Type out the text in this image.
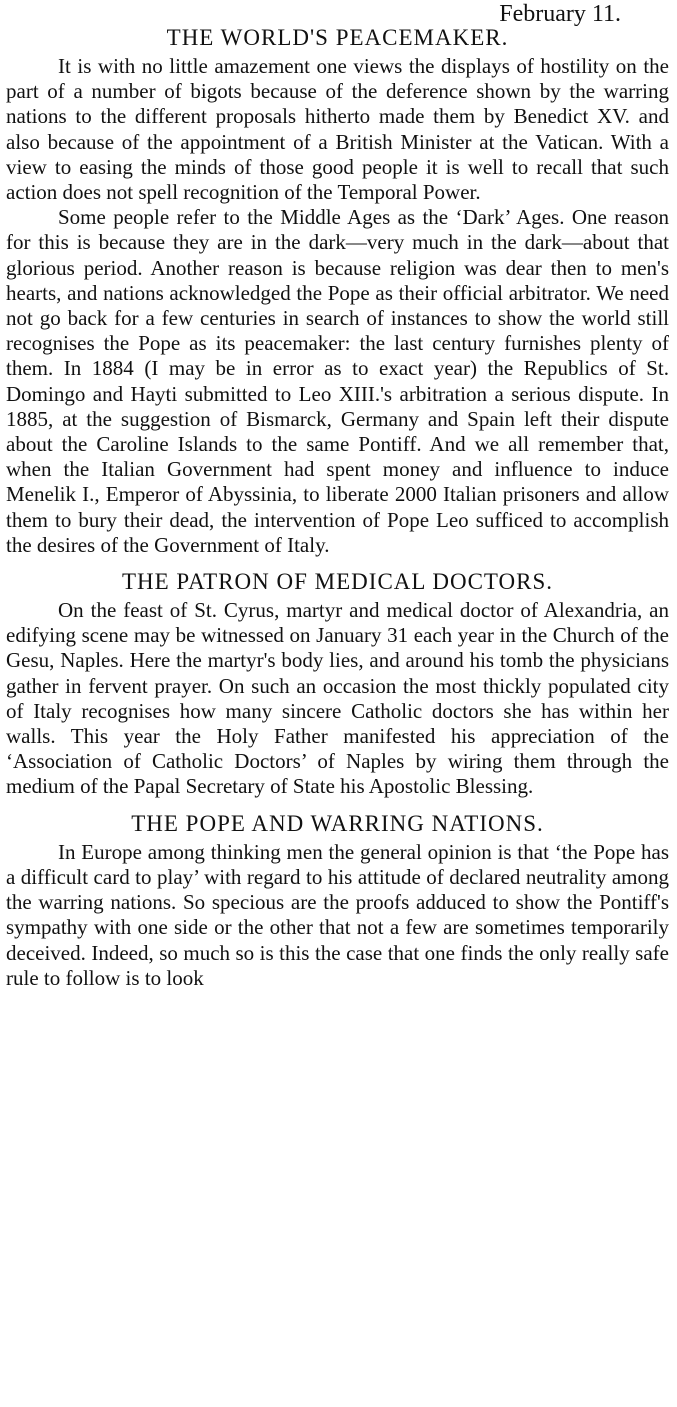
February 11.
THE WORLD'S PEACEMAKER.

It is with no little amazement one views the displays of hostility on the part of a number of bigots because of the deference shown by the warring nations to the different proposals hitherto made them by Benedict XV. and also because of the appointment of a British Minister at the Vatican. With a view to easing the minds of those good people it is well to recall that such action does not spell recognition of the Temporal Power.

Some people refer to the Middle Ages as the ‘Dark’ Ages. One reason for this is because they are in the dark—very much in the dark—about that glorious period. Another reason is because religion was dear then to men's hearts, and nations acknowledged the Pope as their official arbitrator. We need not go back for a few centuries in search of instances to show the world still recognises the Pope as its peacemaker: the last century furnishes plenty of them. In 1884 (I may be in error as to exact year) the Republics of St. Domingo and Hayti submitted to Leo XIII.'s arbitration a serious dispute. In 1885, at the suggestion of Bismarck, Germany and Spain left their dispute about the Caroline Islands to the same Pontiff. And we all remember that, when the Italian Government had spent money and influence to induce Menelik I., Emperor of Abyssinia, to liberate 2000 Italian prisoners and allow them to bury their dead, the intervention of Pope Leo sufficed to accomplish the desires of the Government of Italy.

THE PATRON OF MEDICAL DOCTORS.

On the feast of St. Cyrus, martyr and medical doctor of Alexandria, an edifying scene may be witnessed on January 31 each year in the Church of the Gesu, Naples. Here the martyr's body lies, and around his tomb the physicians gather in fervent prayer. On such an occasion the most thickly populated city of Italy recognises how many sincere Catholic doctors she has within her walls. This year the Holy Father manifested his appreciation of the ‘Association of Catholic Doctors’ of Naples by wiring them through the medium of the Papal Secretary of State his Apostolic Blessing.

THE POPE AND WARRING NATIONS.

In Europe among thinking men the general opinion is that ‘the Pope has a difficult card to play’ with regard to his attitude of declared neutrality among the warring nations. So specious are the proofs adduced to show the Pontiff's sympathy with one side or the other that not a few are sometimes temporarily deceived. Indeed, so much so is this the case that one finds the only really safe rule to follow is to look
